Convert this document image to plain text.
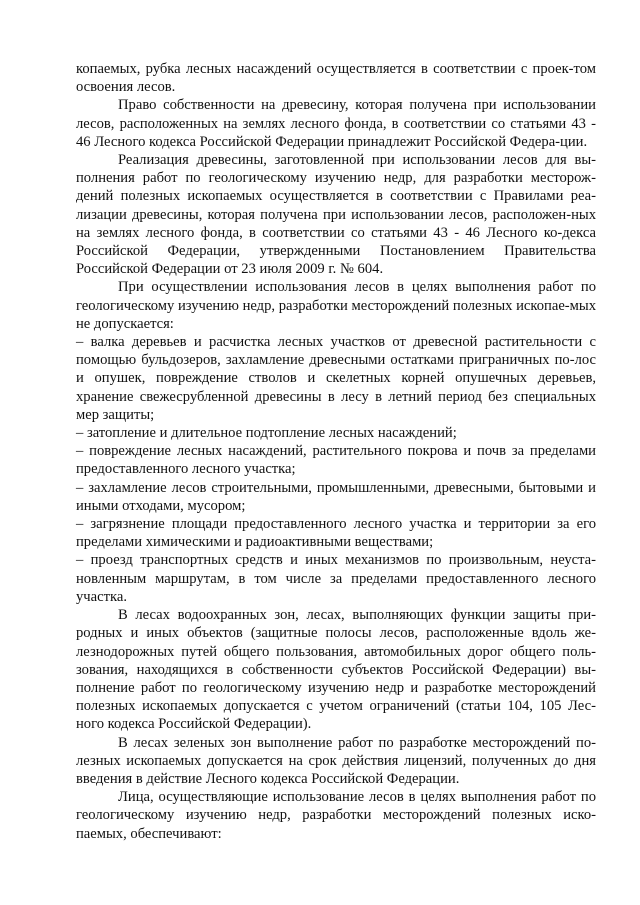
копаемых, рубка лесных насаждений осуществляется в соответствии с проек-том освоения лесов.

Право собственности на древесину, которая получена при использовании лесов, расположенных на землях лесного фонда, в соответствии со статьями 43 - 46 Лесного кодекса Российской Федерации принадлежит Российской Федера-ции.

Реализация древесины, заготовленной при использовании лесов для вы-полнения работ по геологическому изучению недр, для разработки месторож-дений полезных ископаемых осуществляется в соответствии с Правилами реа-лизации древесины, которая получена при использовании лесов, расположен-ных на землях лесного фонда, в соответствии со статьями 43 - 46 Лесного ко-декса Российской Федерации, утвержденными Постановлением Правительства Российской Федерации от 23 июля 2009 г. № 604.

При осуществлении использования лесов в целях выполнения работ по геологическому изучению недр, разработки месторождений полезных ископае-мых не допускается:

– валка деревьев и расчистка лесных участков от древесной растительности с помощью бульдозеров, захламление древесными остатками приграничных по-лос и опушек, повреждение стволов и скелетных корней опушечных деревьев, хранение свежесрубленной древесины в лесу в летний период без специальных мер защиты;

– затопление и длительное подтопление лесных насаждений;

– повреждение лесных насаждений, растительного покрова и почв за пределами предоставленного лесного участка;

– захламление лесов строительными, промышленными, древесными, бытовыми и иными отходами, мусором;

– загрязнение площади предоставленного лесного участка и территории за его пределами химическими и радиоактивными веществами;

– проезд транспортных средств и иных механизмов по произвольным, неуста-новленным маршрутам, в том числе за пределами предоставленного лесного участка.

В лесах водоохранных зон, лесах, выполняющих функции защиты при-родных и иных объектов (защитные полосы лесов, расположенные вдоль же-лезнодорожных путей общего пользования, автомобильных дорог общего поль-зования, находящихся в собственности субъектов Российской Федерации) вы-полнение работ по геологическому изучению недр и разработке месторождений полезных ископаемых допускается с учетом ограничений (статьи 104, 105 Лес-ного кодекса Российской Федерации).

В лесах зеленых зон выполнение работ по разработке месторождений по-лезных ископаемых допускается на срок действия лицензий, полученных до дня введения в действие Лесного кодекса Российской Федерации.

Лица, осуществляющие использование лесов в целях выполнения работ по геологическому изучению недр, разработки месторождений полезных иско-паемых, обеспечивают:
